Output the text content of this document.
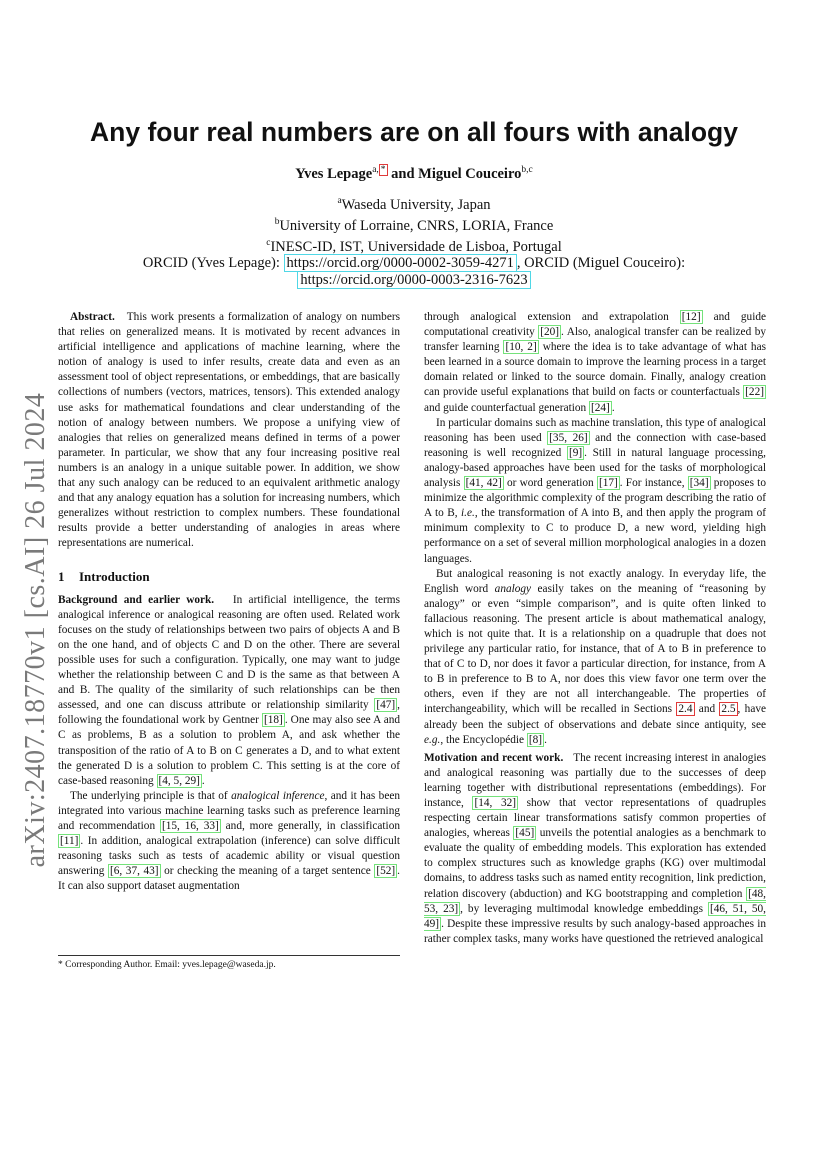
arXiv:2407.18770v1 [cs.AI] 26 Jul 2024
Any four real numbers are on all fours with analogy
Yves Lepage$^{a,}$ * and Miguel Couceiro$^{b,c}$
$^a$Waseda University, Japan
$^b$University of Lorraine, CNRS, LORIA, France
$^c$INESC-ID, IST, Universidade de Lisboa, Portugal
ORCID (Yves Lepage): https://orcid.org/0000-0002-3059-4271 , ORCID (Miguel Couceiro):
https://orcid.org/0000-0003-2316-7623

Abstract. This work presents a formalization of analogy on numbers that relies on generalized means. It is motivated by recent advances in artificial intelligence and applications of machine learning, where the notion of analogy is used to infer results, create data and even as an assessment tool of object representations, or embeddings, that are basically collections of numbers (vectors, matrices, tensors). This extended analogy use asks for mathematical foundations and clear understanding of the notion of analogy between numbers. We propose a unifying view of analogies that relies on generalized means defined in terms of a power parameter. In particular, we show that any four increasing positive real numbers is an analogy in a unique suitable power. In addition, we show that any such analogy can be reduced to an equivalent arithmetic analogy and that any analogy equation has a solution for increasing numbers, which generalizes without restriction to complex numbers. These foundational results provide a better understanding of analogies in areas where representations are numerical.

1 Introduction

Background and earlier work. In artificial intelligence, the terms analogical inference or analogical reasoning are often used. Related work focuses on the study of relationships between two pairs of objects A and B on the one hand, and of objects C and D on the other. There are several possible uses for such a configuration. Typically, one may want to judge whether the relationship between C and D is the same as that between A and B. The quality of the similarity of such relationships can be then assessed, and one can discuss attribute or relationship similarity [47] , following the foundational work by Gentner [18] . One may also see A and C as problems, B as a solution to problem A, and ask whether the transposition of the ratio of A to B on C generates a D, and to what extent the generated D is a solution to problem C. This setting is at the core of case-based reasoning [4, 5, 29] .

The underlying principle is that of analogical inference, and it has been integrated into various machine learning tasks such as preference learning and recommendation [15, 16, 33] and, more generally, in classification [11] . In addition, analogical extrapolation (inference) can solve difficult reasoning tasks such as tests of academic ability or visual question answering [6, 37, 43] or checking the meaning of a target sentence [52] . It can also support dataset augmentation

* Corresponding Author. Email: yves.lepage@waseda.jp.

through analogical extension and extrapolation [12] and guide computational creativity [20] . Also, analogical transfer can be realized by transfer learning [10, 2] where the idea is to take advantage of what has been learned in a source domain to improve the learning process in a target domain related or linked to the source domain. Finally, analogy creation can provide useful explanations that build on facts or counterfactuals [22] and guide counterfactual generation [24] .

In particular domains such as machine translation, this type of analogical reasoning has been used [35, 26] and the connection with case-based reasoning is well recognized [9] . Still in natural language processing, analogy-based approaches have been used for the tasks of morphological analysis [41, 42] or word generation [17] . For instance, [34] proposes to minimize the algorithmic complexity of the program describing the ratio of A to B, i.e., the transformation of A into B, and then apply the program of minimum complexity to C to produce D, a new word, yielding high performance on a set of several million morphological analogies in a dozen languages.

But analogical reasoning is not exactly analogy. In everyday life, the English word analogy easily takes on the meaning of “reasoning by analogy” or even “simple comparison”, and is quite often linked to fallacious reasoning. The present article is about mathematical analogy, which is not quite that. It is a relationship on a quadruple that does not privilege any particular ratio, for instance, that of A to B in preference to that of C to D, nor does it favor a particular direction, for instance, from A to B in preference to B to A, nor does this view favor one term over the others, even if they are not all interchangeable. The properties of interchangeability, which will be recalled in Sections 2.4 and 2.5 , have already been the subject of observations and debate since antiquity, see e.g., the Encyclopédie [8] .

Motivation and recent work. The recent increasing interest in analogies and analogical reasoning was partially due to the successes of deep learning together with distributional representations (embeddings). For instance, [14, 32] show that vector representations of quadruples respecting certain linear transformations satisfy common properties of analogies, whereas [45] unveils the potential analogies as a benchmark to evaluate the quality of embedding models. This exploration has extended to complex structures such as knowledge graphs (KG) over multimodal domains, to address tasks such as named entity recognition, link prediction, relation discovery (abduction) and KG bootstrapping and completion [48, 53, 23] , by leveraging multimodal knowledge embeddings [46, 51, 50, 49] . Despite these impressive results by such analogy-based approaches in rather complex tasks, many works have questioned the retrieved analogical
